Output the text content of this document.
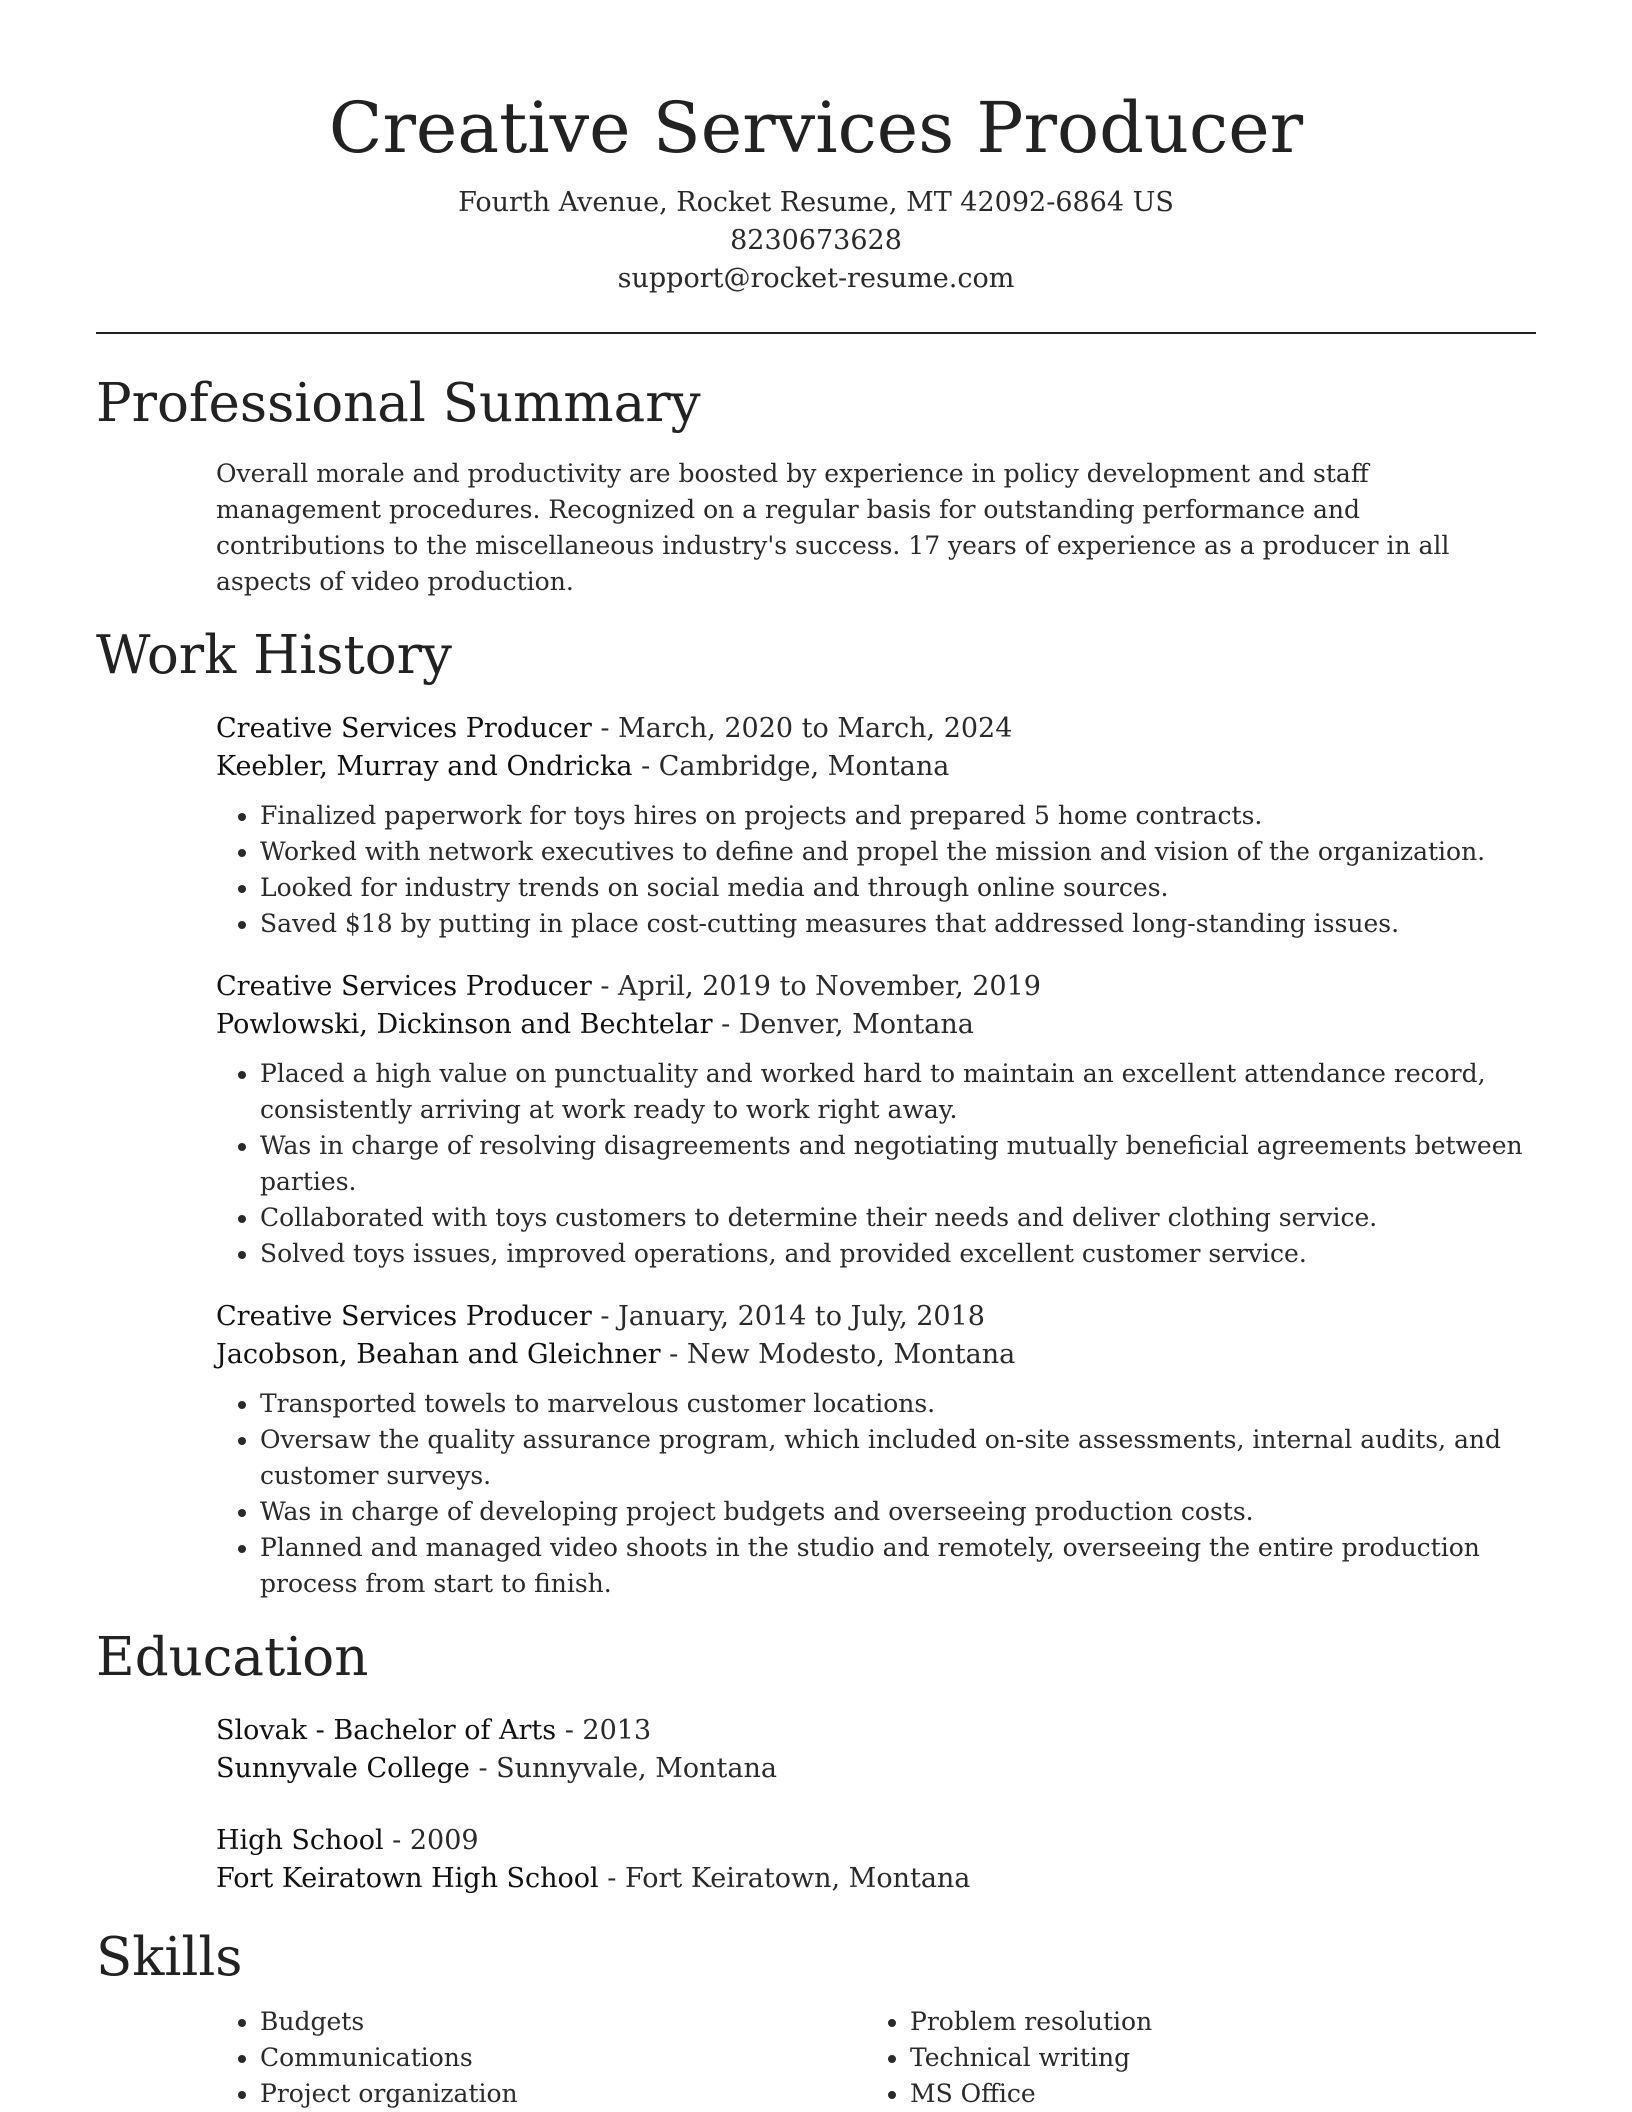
Creative Services Producer
Fourth Avenue, Rocket Resume, MT 42092-6864 US
8230673628
support@rocket-resume.com
Professional Summary

Overall morale and productivity are boosted by experience in policy development and staff management procedures. Recognized on a regular basis for outstanding performance and contributions to the miscellaneous industry's success. 17 years of experience as a producer in all aspects of video production.

Work History
Creative Services Producer - March, 2020 to March, 2024
Keebler, Murray and Ondricka - Cambridge, Montana
• Finalized paperwork for toys hires on projects and prepared 5 home contracts.
• Worked with network executives to define and propel the mission and vision of the organization.
• Looked for industry trends on social media and through online sources.
• Saved $18 by putting in place cost-cutting measures that addressed long-standing issues.
Creative Services Producer - April, 2019 to November, 2019
Powlowski, Dickinson and Bechtelar - Denver, Montana
• Placed a high value on punctuality and worked hard to maintain an excellent attendance record, consistently arriving at work ready to work right away.
• Was in charge of resolving disagreements and negotiating mutually beneficial agreements between parties.
• Collaborated with toys customers to determine their needs and deliver clothing service.
• Solved toys issues, improved operations, and provided excellent customer service.
Creative Services Producer - January, 2014 to July, 2018
Jacobson, Beahan and Gleichner - New Modesto, Montana
• Transported towels to marvelous customer locations.
• Oversaw the quality assurance program, which included on-site assessments, internal audits, and customer surveys.
• Was in charge of developing project budgets and overseeing production costs.
• Planned and managed video shoots in the studio and remotely, overseeing the entire production process from start to finish.
Education
Slovak - Bachelor of Arts - 2013
Sunnyvale College - Sunnyvale, Montana
High School - 2009
Fort Keiratown High School - Fort Keiratown, Montana
Skills
• Budgets
• Communications
• Project organization
• Problem resolution
• Technical writing
• MS Office
